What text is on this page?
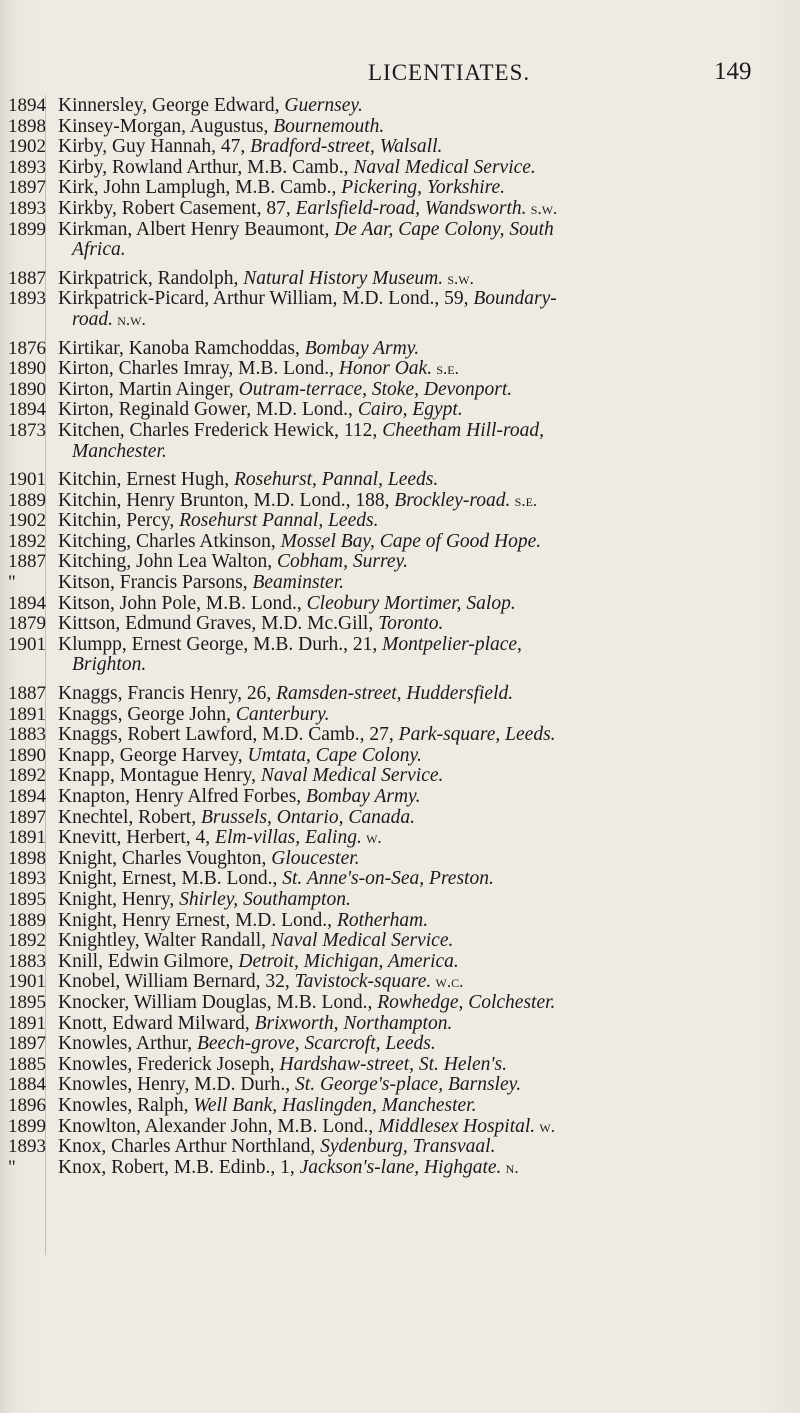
LICENTIATES.	149
1894 Kinnersley, George Edward, Guernsey.
1898 Kinsey-Morgan, Augustus, Bournemouth.
1902 Kirby, Guy Hannah, 47, Bradford-street, Walsall.
1893 Kirby, Rowland Arthur, M.B. Camb., Naval Medical Service.
1897 Kirk, John Lamplugh, M.B. Camb., Pickering, Yorkshire.
1893 Kirkby, Robert Casement, 87, Earlsfield-road, Wandsworth. s.w.
1899 Kirkman, Albert Henry Beaumont, De Aar, Cape Colony, South
Africa.
1887 Kirkpatrick, Randolph, Natural History Museum. s.w.
1893 Kirkpatrick-Picard, Arthur William, M.D. Lond., 59, Boundary-
road. n.w.
1876 Kirtikar, Kanoba Ramchoddas, Bombay Army.
1890 Kirton, Charles Imray, M.B. Lond., Honor Oak. s.e.
1890 Kirton, Martin Ainger, Outram-terrace, Stoke, Devonport.
1894 Kirton, Reginald Gower, M.D. Lond., Cairo, Egypt.
1873 Kitchen, Charles Frederick Hewick, 112, Cheetham Hill-road,
Manchester.
1901 Kitchin, Ernest Hugh, Rosehurst, Pannal, Leeds.
1889 Kitchin, Henry Brunton, M.D. Lond., 188, Brockley-road. s.e.
1902 Kitchin, Percy, Rosehurst Pannal, Leeds.
1892 Kitching, Charles Atkinson, Mossel Bay, Cape of Good Hope.
1887 Kitching, John Lea Walton, Cobham, Surrey.
"	Kitson, Francis Parsons, Beaminster.
1894 Kitson, John Pole, M.B. Lond., Cleobury Mortimer, Salop.
1879 Kittson, Edmund Graves, M.D. Mc.Gill, Toronto.
1901 Klumpp, Ernest George, M.B. Durh., 21, Montpelier-place,
Brighton.
1887 Knaggs, Francis Henry, 26, Ramsden-street, Huddersfield.
1891 Knaggs, George John, Canterbury.
1883 Knaggs, Robert Lawford, M.D. Camb., 27, Park-square, Leeds.
1890 Knapp, George Harvey, Umtata, Cape Colony.
1892 Knapp, Montague Henry, Naval Medical Service.
1894 Knapton, Henry Alfred Forbes, Bombay Army.
1897 Knechtel, Robert, Brussels, Ontario, Canada.
1891 Knevitt, Herbert, 4, Elm-villas, Ealing. w.
1898 Knight, Charles Voughton, Gloucester.
1893 Knight, Ernest, M.B. Lond., St. Anne's-on-Sea, Preston.
1895 Knight, Henry, Shirley, Southampton.
1889 Knight, Henry Ernest, M.D. Lond., Rotherham.
1892 Knightley, Walter Randall, Naval Medical Service.
1883 Knill, Edwin Gilmore, Detroit, Michigan, America.
1901 Knobel, William Bernard, 32, Tavistock-square. w.c.
1895 Knocker, William Douglas, M.B. Lond., Rowhedge, Colchester.
1891 Knott, Edward Milward, Brixworth, Northampton.
1897 Knowles, Arthur, Beech-grove, Scarcroft, Leeds.
1885 Knowles, Frederick Joseph, Hardshaw-street, St. Helen's.
1884 Knowles, Henry, M.D. Durh., St. George's-place, Barnsley.
1896 Knowles, Ralph, Well Bank, Haslingden, Manchester.
1899 Knowlton, Alexander John, M.B. Lond., Middlesex Hospital. w.
1893 Knox, Charles Arthur Northland, Sydenburg, Transvaal.
"	Knox, Robert, M.B. Edinb., 1, Jackson's-lane, Highgate. n.
